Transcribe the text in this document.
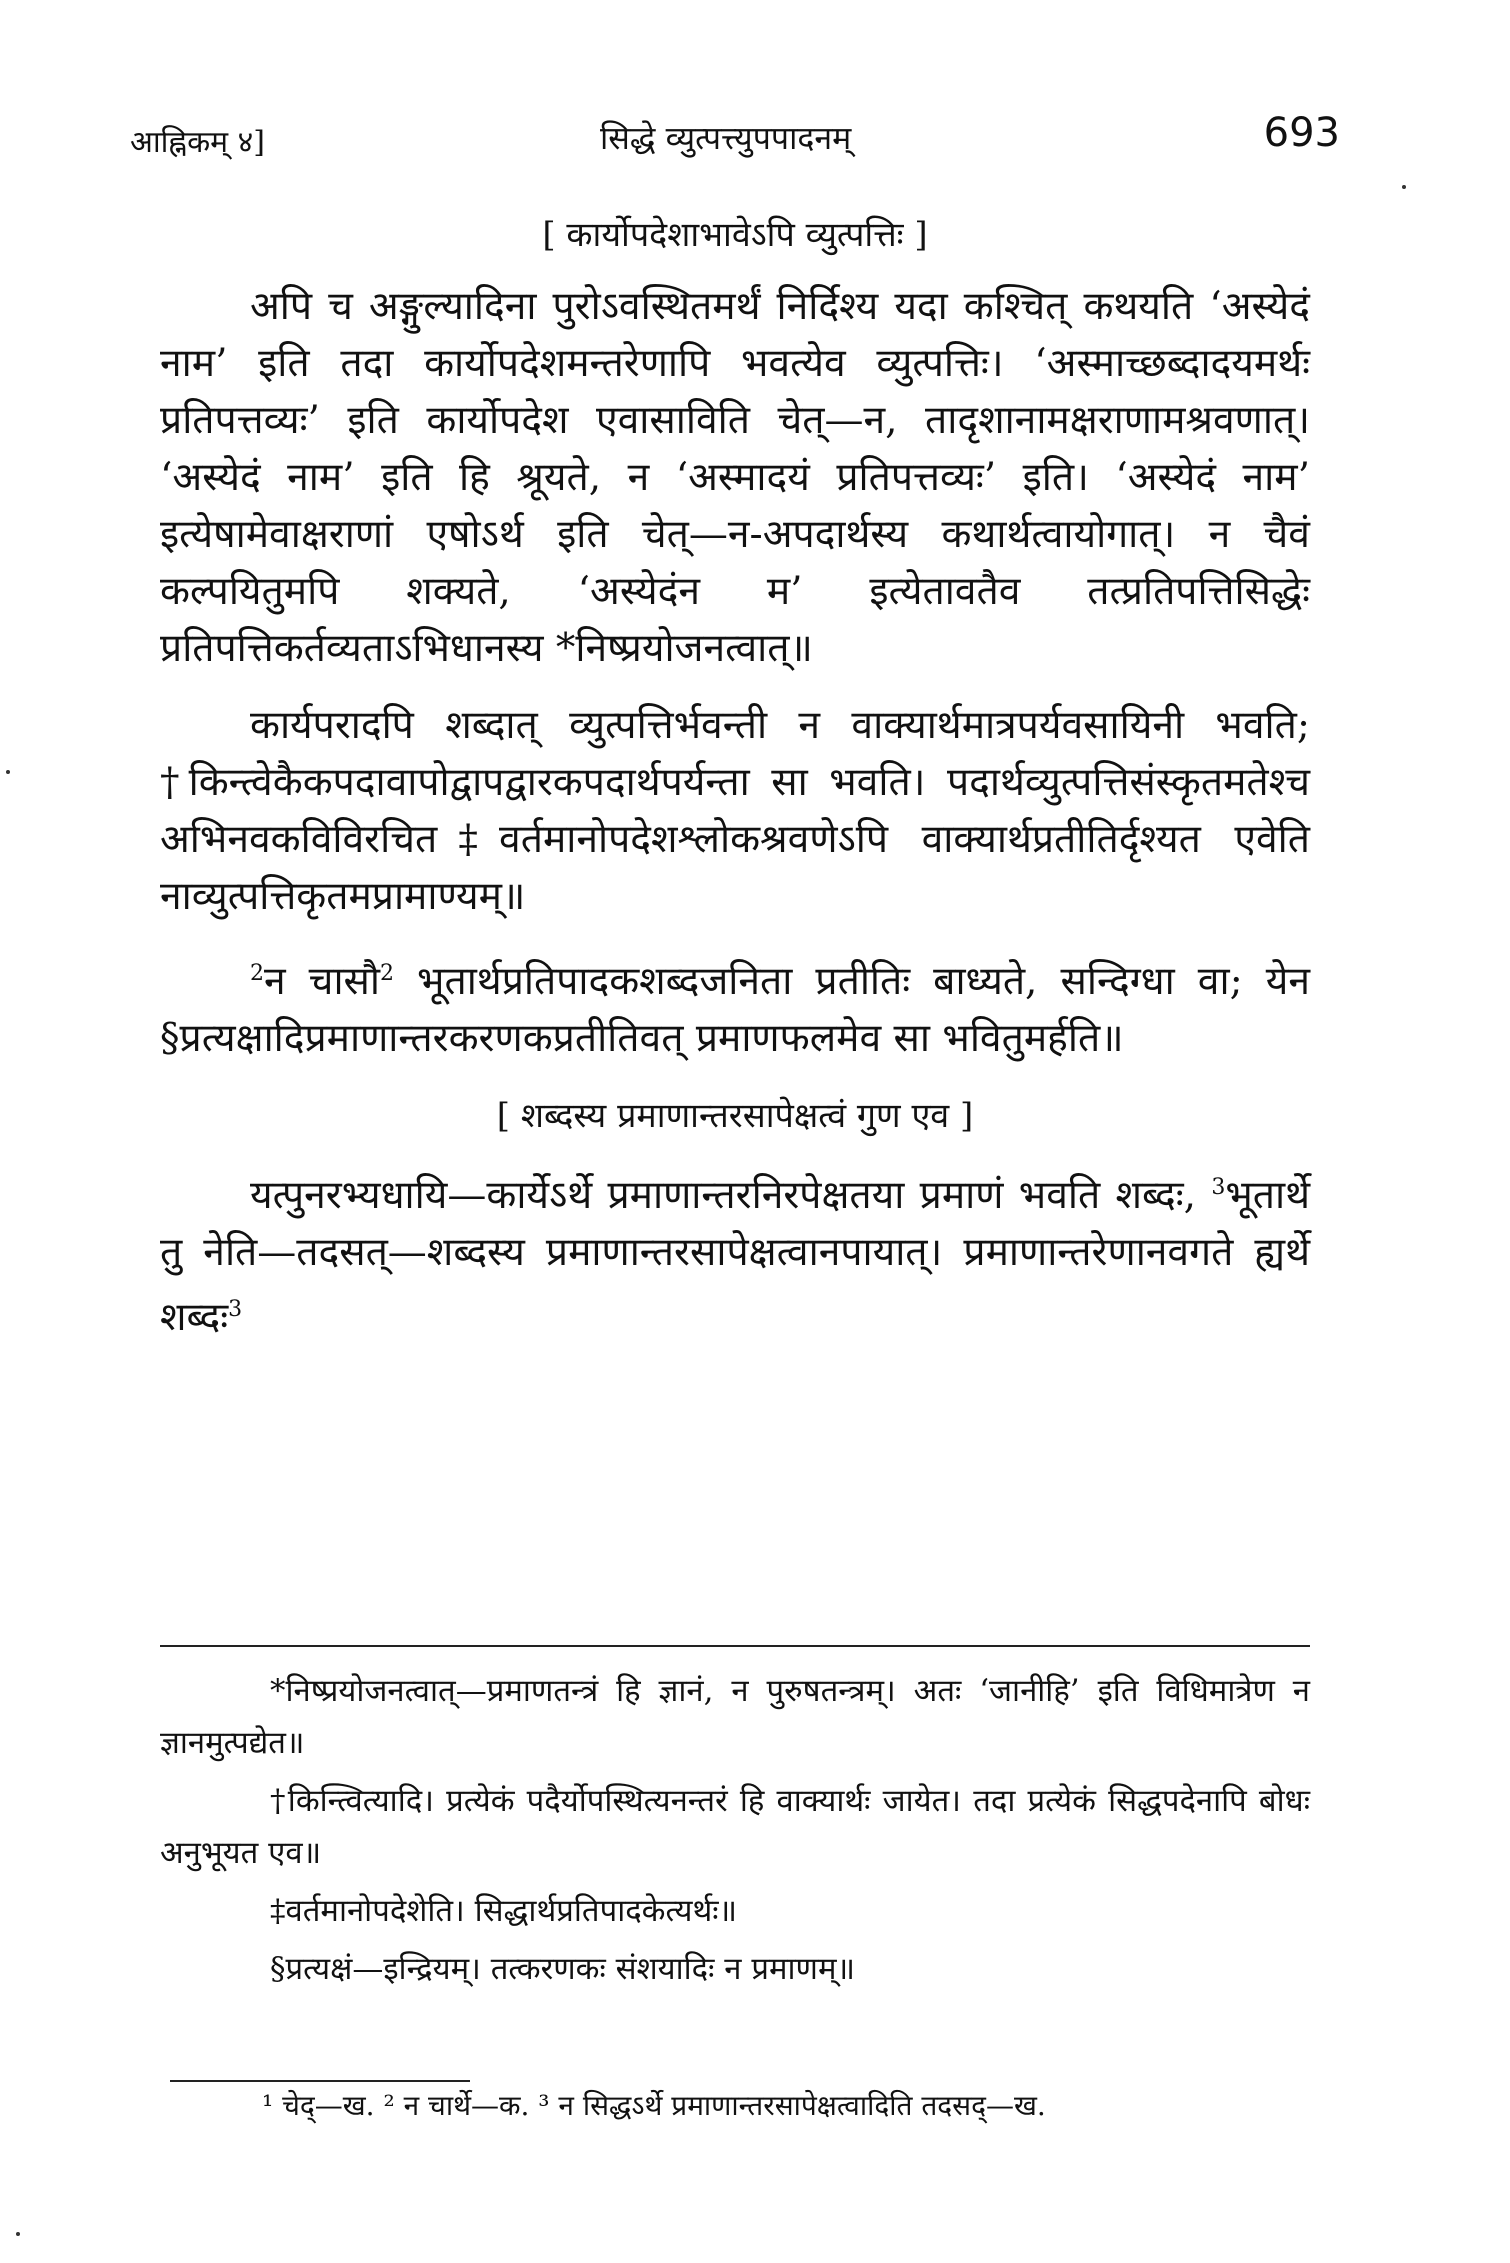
आह्निकम् ४]	सिद्धे व्युत्पत्त्युपपादनम्	693
[ कार्योपदेशाभावेऽपि व्युत्पत्तिः ]

अपि च अङ्गुल्यादिना पुरोऽवस्थितमर्थं निर्दिश्य यदा कश्चित् कथयति ‘अस्येदं नाम’ इति तदा कार्योपदेशमन्तरेणापि भवत्येव व्युत्पत्तिः। ‘अस्माच्छब्दादयमर्थः प्रतिपत्तव्यः’ इति कार्योपदेश एवासाविति चेत्—न, तादृशानामक्षराणामश्रवणात्। ‘अस्येदं नाम’ इति हि श्रूयते, न ‘अस्मादयं प्रतिपत्तव्यः’ इति। ‘अस्येदं नाम’ इत्येषामेवाक्षराणां एषोऽर्थ इति चेत्—न-अपदार्थस्य कथार्थत्वायोगात्। न चैवं कल्पयितुमपि शक्यते, ‘अस्येदंन म’ इत्येतावतैव तत्प्रतिपत्तिसिद्धेः प्रतिपत्तिकर्तव्यताऽभिधानस्य *निष्प्रयोजनत्वात्॥

कार्यपरादपि शब्दात् व्युत्पत्तिर्भवन्ती न वाक्यार्थमात्रपर्यवसायिनी भवति; †किन्त्वेकैकपदावापोद्वापद्वारकपदार्थपर्यन्ता सा भवति। पदार्थव्युत्पत्तिसंस्कृतमतेश्च अभिनवकविविरचित‡वर्तमानोपदेशश्लोकश्रवणेऽपि वाक्यार्थप्रतीतिर्दृश्यत एवेति नाव्युत्पत्तिकृतमप्रामाण्यम्॥

$^2$न चासौ$^2$ भूतार्थप्रतिपादकशब्दजनिता प्रतीतिः बाध्यते, सन्दिग्धा वा; येन §प्रत्यक्षादिप्रमाणान्तरकरणकप्रतीतिवत् प्रमाणफलमेव सा भवितुमर्हति॥

[ शब्दस्य प्रमाणान्तरसापेक्षत्वं गुण एव ]

यत्पुनरभ्यधायि—कार्येऽर्थे प्रमाणान्तरनिरपेक्षतया प्रमाणं भवति शब्दः, $^3$भूतार्थे तु नेति—तदसत्—शब्दस्य प्रमाणान्तरसापेक्षत्वानपायात्। प्रमाणान्तरेणानवगते ह्यर्थे शब्दः$^3$

*निष्प्रयोजनत्वात्—प्रमाणतन्त्रं हि ज्ञानं, न पुरुषतन्त्रम्। अतः ‘जानीहि’ इति विधिमात्रेण न ज्ञानमुत्पद्येत॥

†किन्त्वित्यादि। प्रत्येकं पदैर्योपस्थित्यनन्तरं हि वाक्यार्थः जायेत। तदा प्रत्येकं सिद्धपदेनापि बोधः अनुभूयत एव॥

‡वर्तमानोपदेशेति। सिद्धार्थप्रतिपादकेत्यर्थः॥

§प्रत्यक्षं—इन्द्रियम्। तत्करणकः संशयादिः न प्रमाणम्॥

¹ चेद्—ख. ² न चार्थे—क. ³ न सिद्धऽर्थे प्रमाणान्तरसापेक्षत्वादिति तदसद्—ख.
